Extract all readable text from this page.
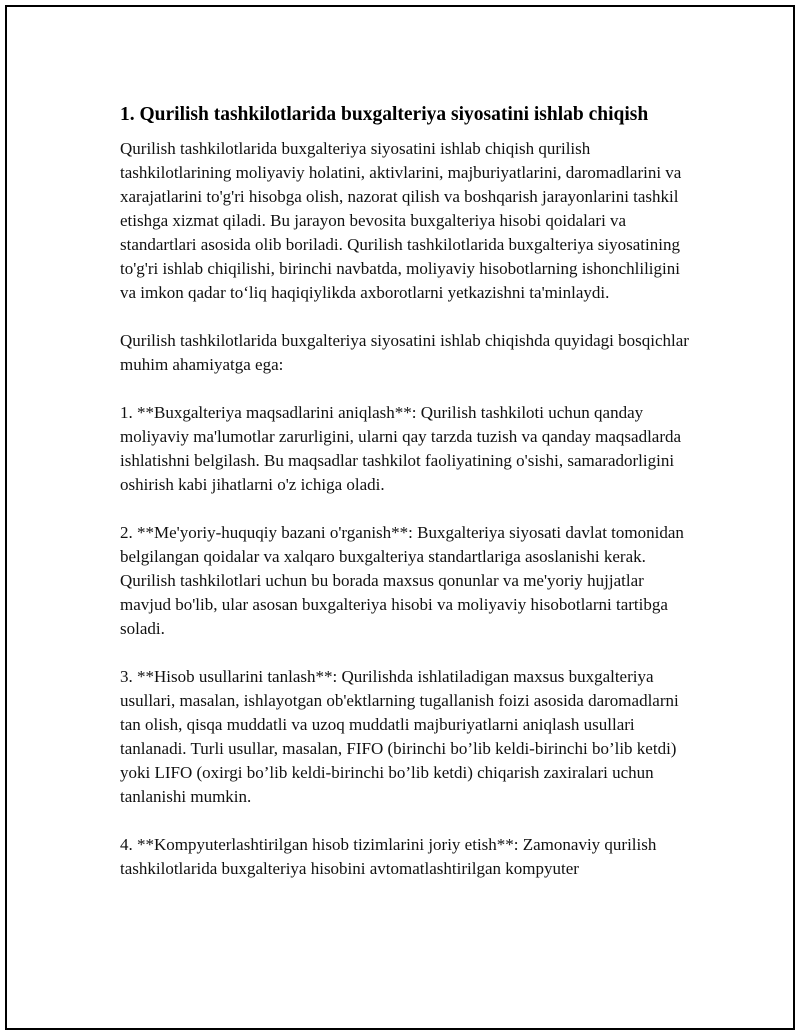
1. Qurilish tashkilotlarida buxgalteriya siyosatini ishlab chiqish

Qurilish tashkilotlarida buxgalteriya siyosatini ishlab chiqish qurilish tashkilotlarining moliyaviy holatini, aktivlarini, majburiyatlarini, daromadlarini va xarajatlarini to'g'ri hisobga olish, nazorat qilish va boshqarish jarayonlarini tashkil etishga xizmat qiladi. Bu jarayon bevosita buxgalteriya hisobi qoidalari va standartlari asosida olib boriladi. Qurilish tashkilotlarida buxgalteriya siyosatining to'g'ri ishlab chiqilishi, birinchi navbatda, moliyaviy hisobotlarning ishonchliligini va imkon qadar to‘liq haqiqiylikda axborotlarni yetkazishni ta'minlaydi.

Qurilish tashkilotlarida buxgalteriya siyosatini ishlab chiqishda quyidagi bosqichlar muhim ahamiyatga ega:

1. **Buxgalteriya maqsadlarini aniqlash**: Qurilish tashkiloti uchun qanday moliyaviy ma'lumotlar zarurligini, ularni qay tarzda tuzish va qanday maqsadlarda ishlatishni belgilash. Bu maqsadlar tashkilot faoliyatining o'sishi, samaradorligini oshirish kabi jihatlarni o'z ichiga oladi.

2. **Me'yoriy-huquqiy bazani o'rganish**: Buxgalteriya siyosati davlat tomonidan belgilangan qoidalar va xalqaro buxgalteriya standartlariga asoslanishi kerak. Qurilish tashkilotlari uchun bu borada maxsus qonunlar va me'yoriy hujjatlar mavjud bo'lib, ular asosan buxgalteriya hisobi va moliyaviy hisobotlarni tartibga soladi.

3. **Hisob usullarini tanlash**: Qurilishda ishlatiladigan maxsus buxgalteriya usullari, masalan, ishlayotgan ob'ektlarning tugallanish foizi asosida daromadlarni tan olish, qisqa muddatli va uzoq muddatli majburiyatlarni aniqlash usullari tanlanadi. Turli usullar, masalan, FIFO (birinchi bo’lib keldi-birinchi bo’lib ketdi) yoki LIFO (oxirgi bo’lib keldi-birinchi bo’lib ketdi) chiqarish zaxiralari uchun tanlanishi mumkin.

4. **Kompyuterlashtirilgan hisob tizimlarini joriy etish**: Zamonaviy qurilish tashkilotlarida buxgalteriya hisobini avtomatlashtirilgan kompyuter
